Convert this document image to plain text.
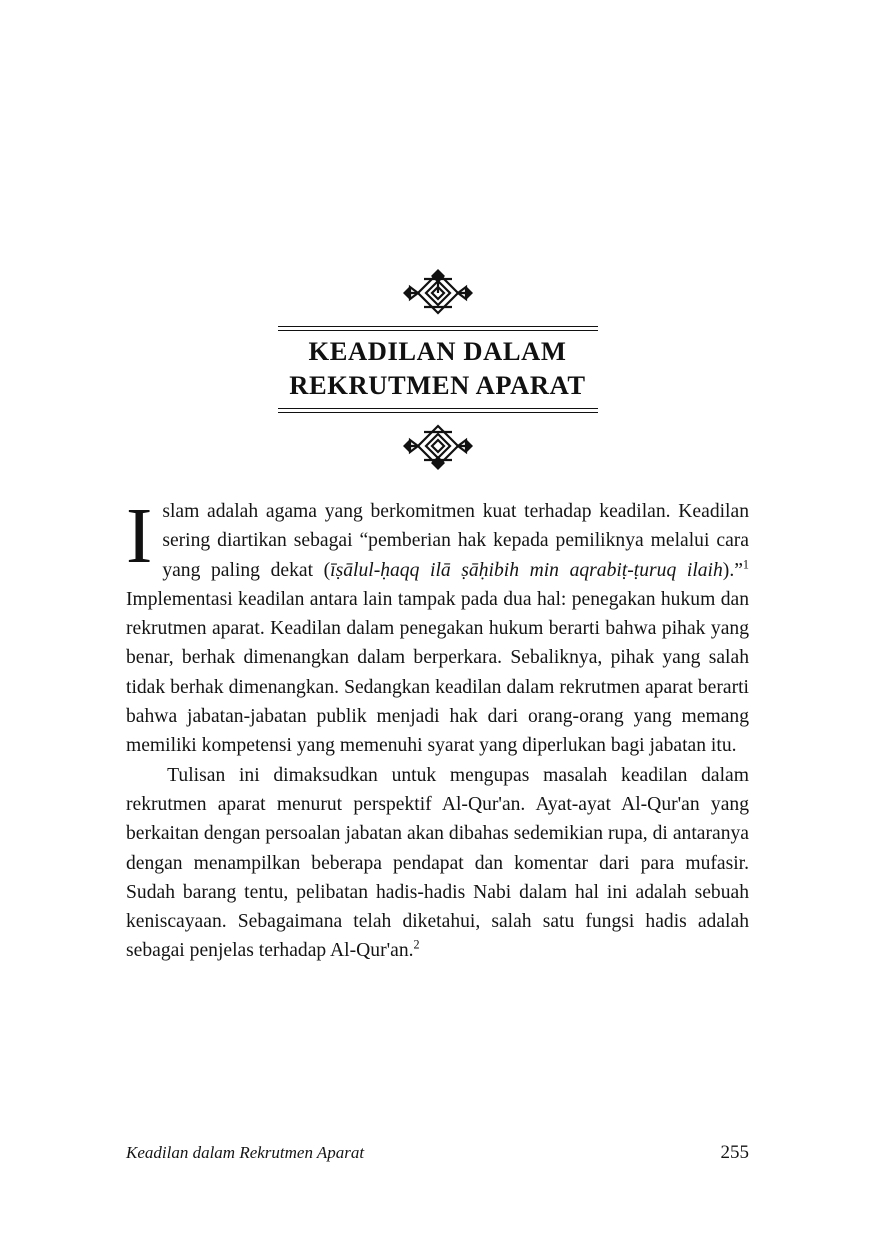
KEADILAN DALAM
REKRUTMEN APARAT

Islam adalah agama yang berkomitmen kuat terhadap keadilan. Keadilan sering diartikan sebagai “pemberian hak kepada pemiliknya melalui cara yang paling dekat (īṣālul-ḥaqq ilā ṣāḥibih min aqrabiṭ-ṭuruq ilaih).”$^1$ Implementasi keadilan antara lain tampak pada dua hal: penegakan hukum dan rekrutmen aparat. Keadilan dalam penegakan hukum berarti bahwa pihak yang benar, berhak dimenangkan dalam berperkara. Sebaliknya, pihak yang salah tidak berhak dimenangkan. Sedangkan keadilan dalam rekrutmen aparat berarti bahwa jabatan-jabatan publik menjadi hak dari orang-orang yang memang memiliki kompetensi yang memenuhi syarat yang diperlukan bagi jabatan itu.

Tulisan ini dimaksudkan untuk mengupas masalah keadilan dalam rekrutmen aparat menurut perspektif Al-Qur'an. Ayat-ayat Al-Qur'an yang berkaitan dengan persoalan jabatan akan dibahas sedemikian rupa, di antaranya dengan menampilkan beberapa pendapat dan komentar dari para mufasir. Sudah barang tentu, pelibatan hadis-hadis Nabi dalam hal ini adalah sebuah keniscayaan. Sebagaimana telah diketahui, salah satu fungsi hadis adalah sebagai penjelas terhadap Al-Qur'an.$^2$

Keadilan dalam Rekrutmen Aparat	255
